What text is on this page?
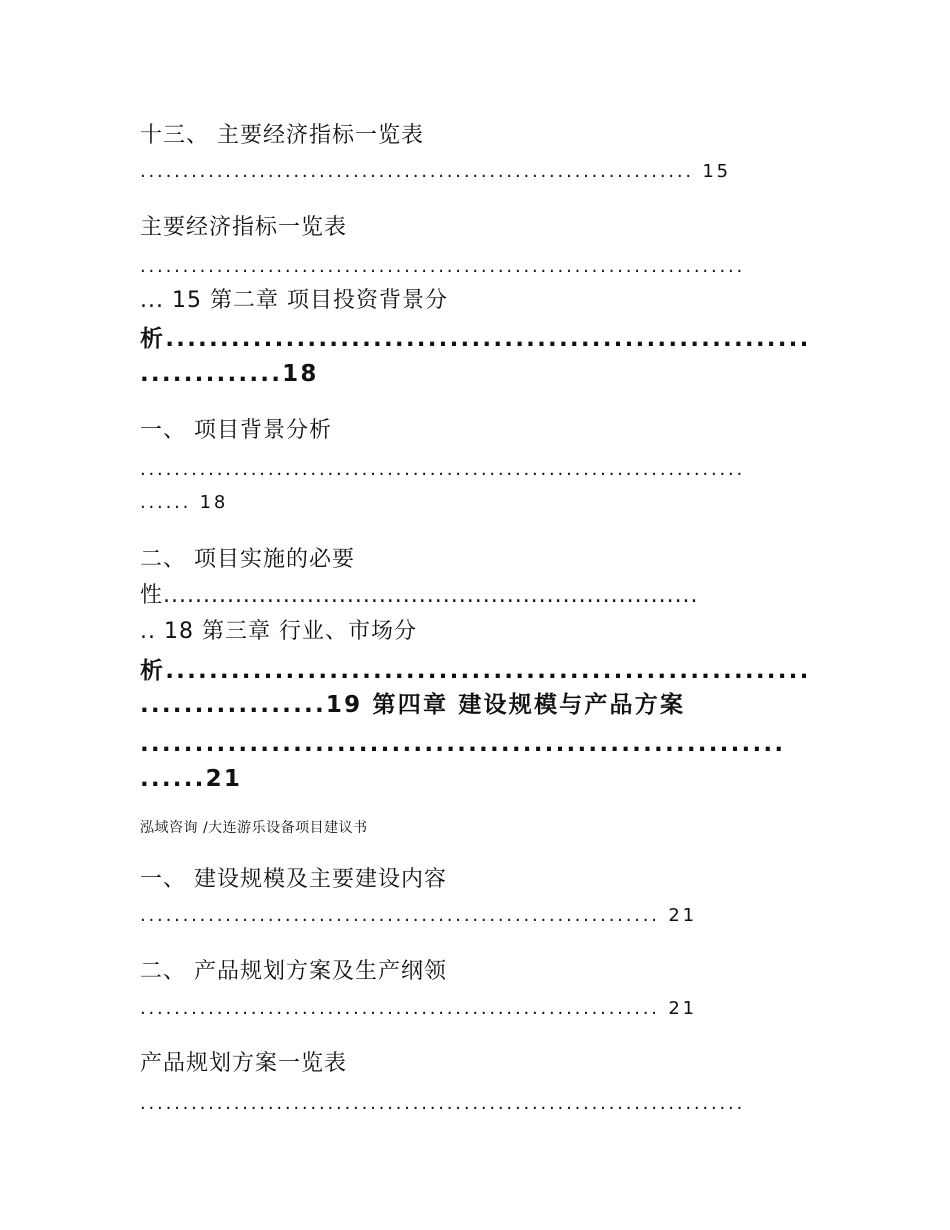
十三、 主要经济指标一览表
................................................................. 15
主要经济指标一览表
.......................................................................
... 15 第二章 项目投资背景分
析...........................................................
.............18
一、 项目背景分析
.......................................................................
...... 18
二、 项目实施的必要
性...................................................................
.. 18 第三章 行业、市场分
析...........................................................
.................19 第四章 建设规模与产品方案
...........................................................
......21
泓域咨询 /大连游乐设备项目建议书
一、 建设规模及主要建设内容
............................................................. 21
二、 产品规划方案及生产纲领
............................................................. 21
产品规划方案一览表
.......................................................................
